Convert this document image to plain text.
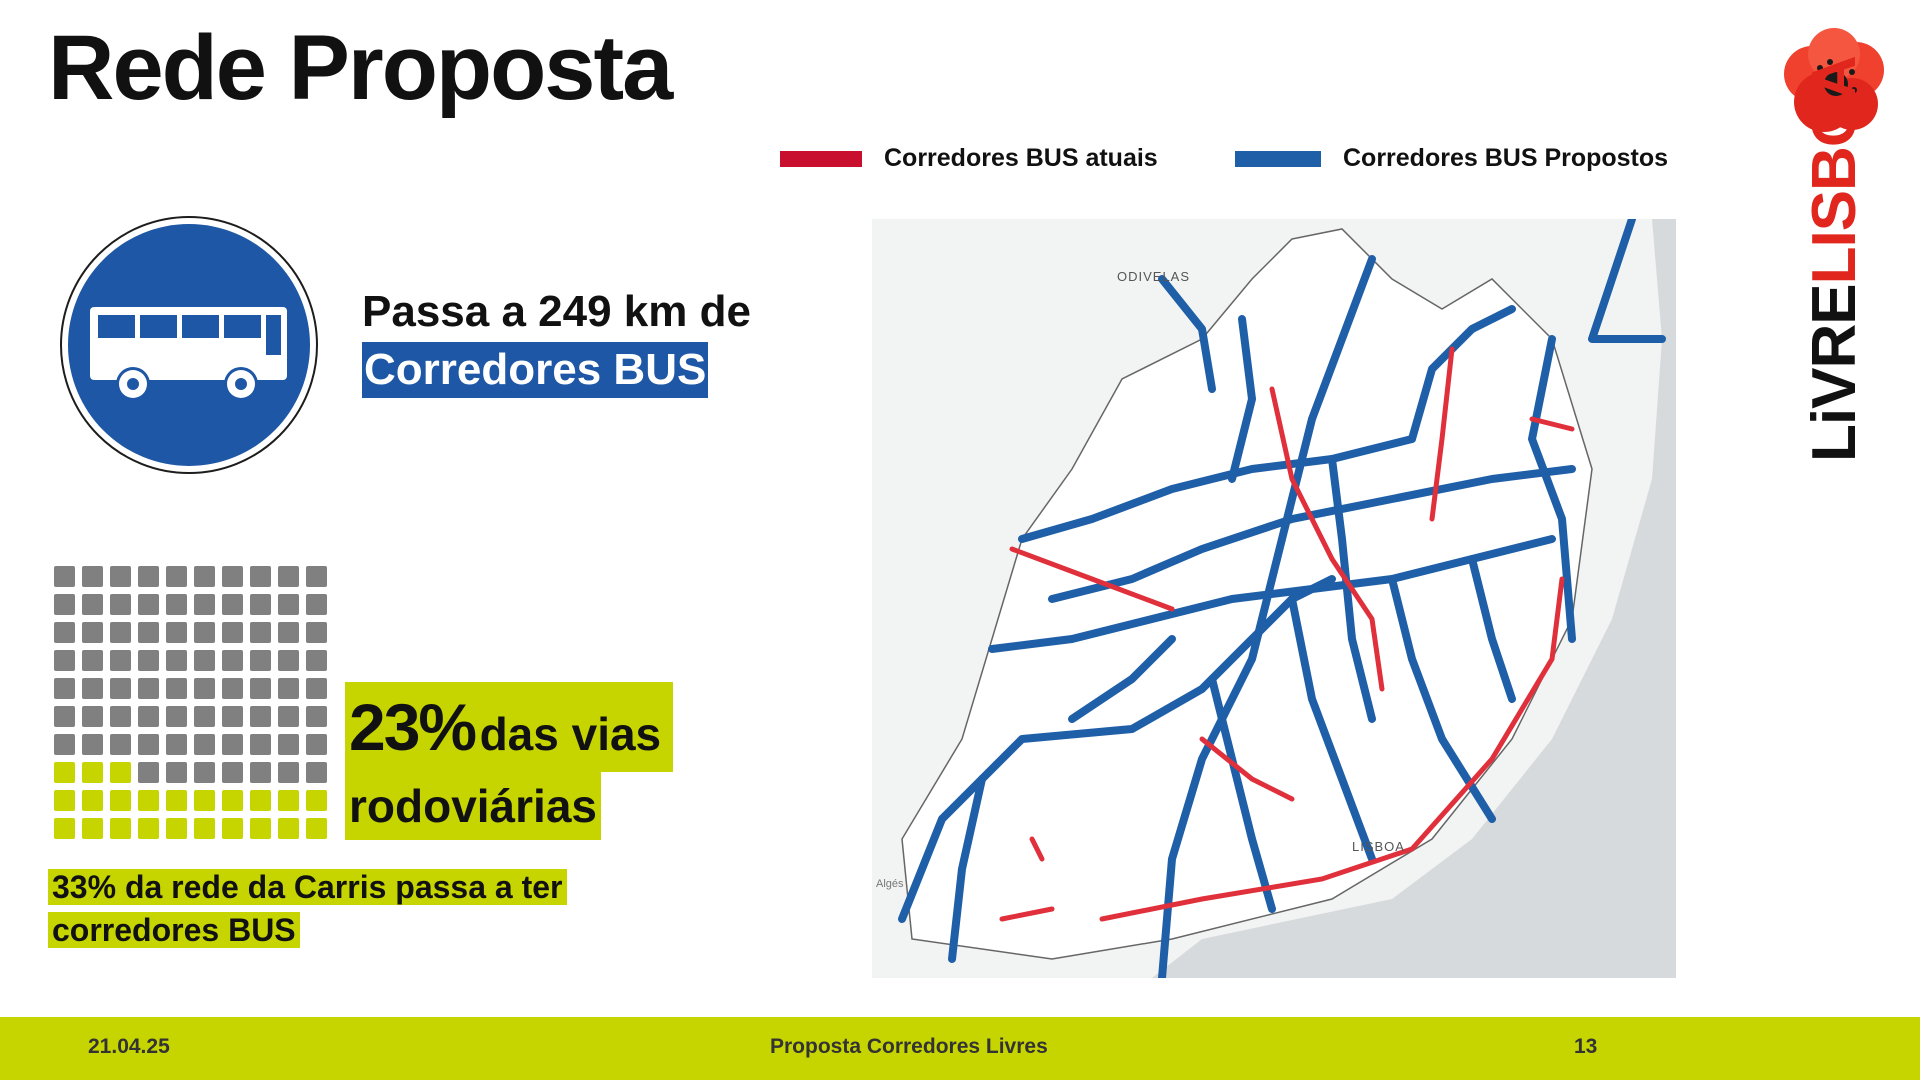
Rede Proposta
Corredores BUS atuais	Corredores BUS Propostos
Passa a 249 km de
Corredores BUS
23% das vias
rodoviárias
33% da rede da Carris passa a ter
corredores BUS
ODIVELAS
LISBOA
Algés
LiVRELISBOA
21.04.25	Proposta Corredores Livres	13
